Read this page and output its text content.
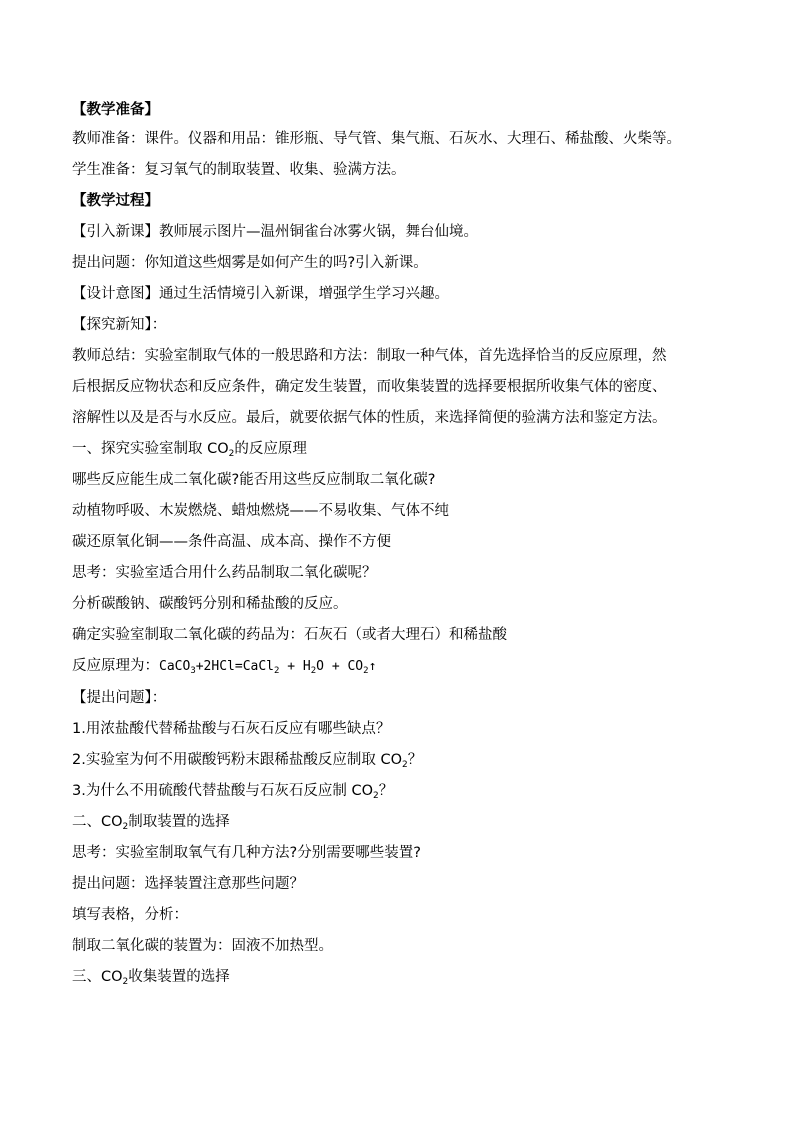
【教学准备】

教师准备：课件。仪器和用品：锥形瓶、导气管、集气瓶、石灰水、大理石、稀盐酸、火柴等。

学生准备：复习氧气的制取装置、收集、验满方法。

【教学过程】

【引入新课】教师展示图片—温州铜雀台冰雾火锅，舞台仙境。

提出问题：你知道这些烟雾是如何产生的吗?引入新课。

【设计意图】通过生活情境引入新课，增强学生学习兴趣。

【探究新知】：

教师总结：实验室制取气体的一般思路和方法：制取一种气体，首先选择恰当的反应原理，然

后根据反应物状态和反应条件，确定发生装置，而收集装置的选择要根据所收集气体的密度、

溶解性以及是否与水反应。最后，就要依据气体的性质，来选择简便的验满方法和鉴定方法。

一、探究实验室制取 $CO_2$的反应原理

哪些反应能生成二氧化碳?能否用这些反应制取二氧化碳?

动植物呼吸、木炭燃烧、蜡烛燃烧——不易收集、气体不纯

碳还原氧化铜——条件高温、成本高、操作不方便

思考：实验室适合用什么药品制取二氧化碳呢？

分析碳酸钠、碳酸钙分别和稀盐酸的反应。

确定实验室制取二氧化碳的药品为：石灰石（或者大理石）和稀盐酸

反应原理为：CaCO$_3$+2HCl=CaCl$_2$ + $H_2O$ + $CO_2↑$

【提出问题】：

1.用浓盐酸代替稀盐酸与石灰石反应有哪些缺点？

2.实验室为何不用碳酸钙粉末跟稀盐酸反应制取 $CO_2$？

3.为什么不用硫酸代替盐酸与石灰石反应制 $CO_2$？

二、$CO_2$制取装置的选择

思考：实验室制取氧气有几种方法?分别需要哪些装置?

提出问题：选择装置注意那些问题？

填写表格，分析：

制取二氧化碳的装置为：固液不加热型。

三、$CO_2$收集装置的选择
